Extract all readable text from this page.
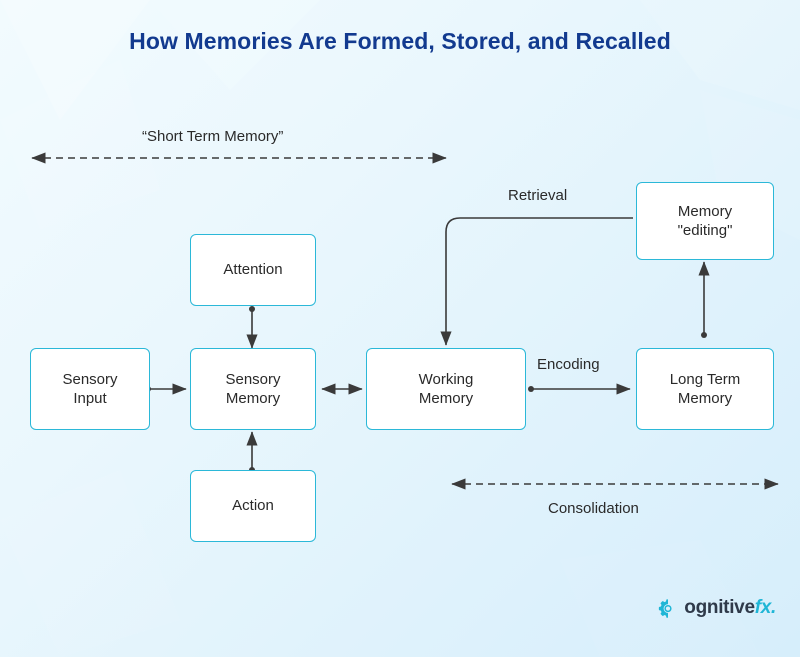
How Memories Are Formed, Stored, and Recalled
“Short Term Memory”
Sensory
Input
Sensory
Memory
Attention
Action
Working
Memory
Long Term
Memory
Memory
"editing"
Retrieval
Encoding
Consolidation
ognitivefx.
